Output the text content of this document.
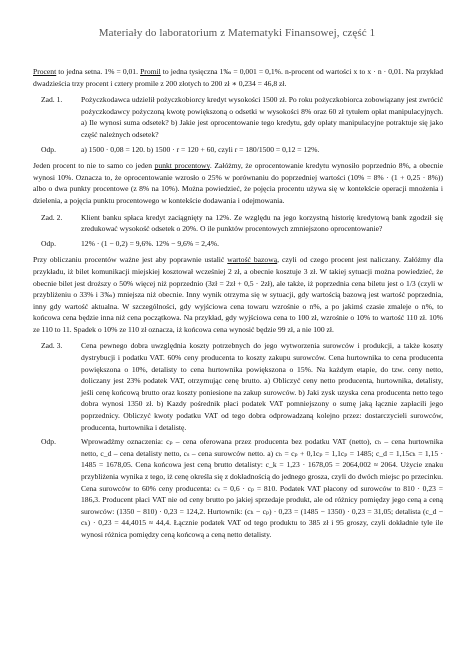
Materiały do laboratorium z Matematyki Finansowej, część 1

Procent to jedna setna. 1% = 0,01. Promil to jedna tysięczna 1‰ = 0,001 = 0,1%. n-procent od wartości x to x · n · 0,01. Na przykład dwadzieścia trzy procent i cztery promile z 200 złotych to 200 zł ∗ 0,234 = 46,8 zł.

Zad. 1.	Pożyczkodawca udzielił pożyczkobiorcy kredyt wysokości 1500 zł. Po roku pożyczkobiorca zobowiązany jest zwrócić pożyczkodawcy pożyczoną kwotę powiększoną o odsetki w wysokości 8% oraz 60 zł tytułem opłat manipulacyjnych. a) Ile wynosi suma odsetek? b) Jakie jest oprocentowanie tego kredytu, gdy opłaty manipulacyjne potraktuje się jako część należnych odsetek?
Odp.	a) 1500 · 0,08 = 120. b) 1500 · r = 120 + 60, czyli r = 180/1500 = 0,12 = 12%.

Jeden procent to nie to samo co jeden punkt procentowy. Załóżmy, że oprocentowanie kredytu wynosiło poprzednio 8%, a obecnie wynosi 10%. Oznacza to, że oprocentowanie wzrosło o 25% w porównaniu do poprzedniej wartości (10% = 8% · (1 + 0,25 · 8%)) albo o dwa punkty procentowe (z 8% na 10%). Można powiedzieć, że pojęcia procentu używa się w kontekście operacji mnożenia i dzielenia, a pojęcia punktu procentowego w kontekście dodawania i odejmowania.

Zad. 2.	Klient banku spłaca kredyt zaciągnięty na 12%. Ze względu na jego korzystną historię kredytową bank zgodził się zredukować wysokość odsetek o 20%. O ile punktów procentowych zmniejszono oprocentowanie?
Odp.	12% · (1 − 0,2) = 9,6%. 12% − 9,6% = 2,4%.

Przy obliczaniu procentów ważne jest aby poprawnie ustalić wartość bazową, czyli od czego procent jest naliczany. Załóżmy dla przykładu, iż bilet komunikacji miejskiej kosztował wcześniej 2 zł, a obecnie kosztuje 3 zł. W takiej sytuacji można powiedzieć, że obecnie bilet jest droższy o 50% więcej niż poprzednio (3zł = 2zł + 0,5 · 2zł), ale także, iż poprzednia cena biletu jest o 1/3 (czyli w przybliżeniu o 33% i 3‰) mniejsza niż obecnie. Inny wynik otrzyma się w sytuacji, gdy wartością bazową jest wartość poprzednia, inny gdy wartość aktualna. W szczególności, gdy wyjściowa cena towaru wzrośnie o n%, a po jakimś czasie zmaleje o n%, to końcowa cena będzie inna niż cena początkowa. Na przykład, gdy wyjściowa cena to 100 zł, wzrośnie o 10% to wartość 110 zł. 10% ze 110 to 11. Spadek o 10% ze 110 zł oznacza, iż końcowa cena wynosić będzie 99 zł, a nie 100 zł.

Zad. 3.	Cena pewnego dobra uwzględnia koszty potrzebnych do jego wytworzenia surowców i produkcji, a także koszty dystrybucji i podatku VAT. 60% ceny producenta to koszty zakupu surowców. Cena hurtownika to cena producenta powiększona o 10%, detalisty to cena hurtownika powiększona o 15%. Na każdym etapie, do tzw. ceny netto, doliczany jest 23% podatek VAT, otrzymując cenę brutto. a) Obliczyć ceny netto producenta, hurtownika, detalisty, jeśli cenę końcową brutto oraz koszty poniesione na zakup surowców. b) Jaki zysk uzyska cena producenta netto tego dobra wynosi 1350 zł. b) Kazdy pośrednik płaci podatek VAT pomniejszony o sumę jaką łącznie zapłacili jego poprzednicy. Obliczyć kwoty podatku VAT od tego dobra odprowadzaną kolejno przez: dostarczycieli surowców, producenta, hurtownika i detalistę.
Odp.	Wprowadźmy oznaczenia: cₚ – cena oferowana przez producenta bez podatku VAT (netto), cₕ – cena hurtownika netto, c_d – cena detalisty netto, cₛ – cena surowców netto. a) cₕ = cₚ + 0,1cₚ = 1,1cₚ = 1485; c_d = 1,15cₕ = 1,15 · 1485 = 1678,05. Cena końcowa jest ceną brutto detalisty: c_k = 1,23 · 1678,05 = 2064,002 ≈ 2064. Użycie znaku przybliżenia wynika z tego, iż cenę określa się z dokładnością do jednego grosza, czyli do dwóch miejsc po przecinku. Cena surowców to 60% ceny producenta: cₛ = 0,6 · cₚ = 810. Podatek VAT płacony od surowców to 810 · 0,23 = 186,3. Producent płaci VAT nie od ceny brutto po jakiej sprzedaje produkt, ale od różnicy pomiędzy jego ceną a ceną surowców: (1350 − 810) · 0,23 = 124,2. Hurtownik: (cₕ − cₚ) · 0,23 = (1485 − 1350) · 0,23 = 31,05; detalista (c_d − cₕ) · 0,23 = 44,4015 ≈ 44,4. Łącznie podatek VAT od tego produktu to 385 zł i 95 groszy, czyli dokładnie tyle ile wynosi różnica pomiędzy ceną końcową a ceną netto detalisty.
